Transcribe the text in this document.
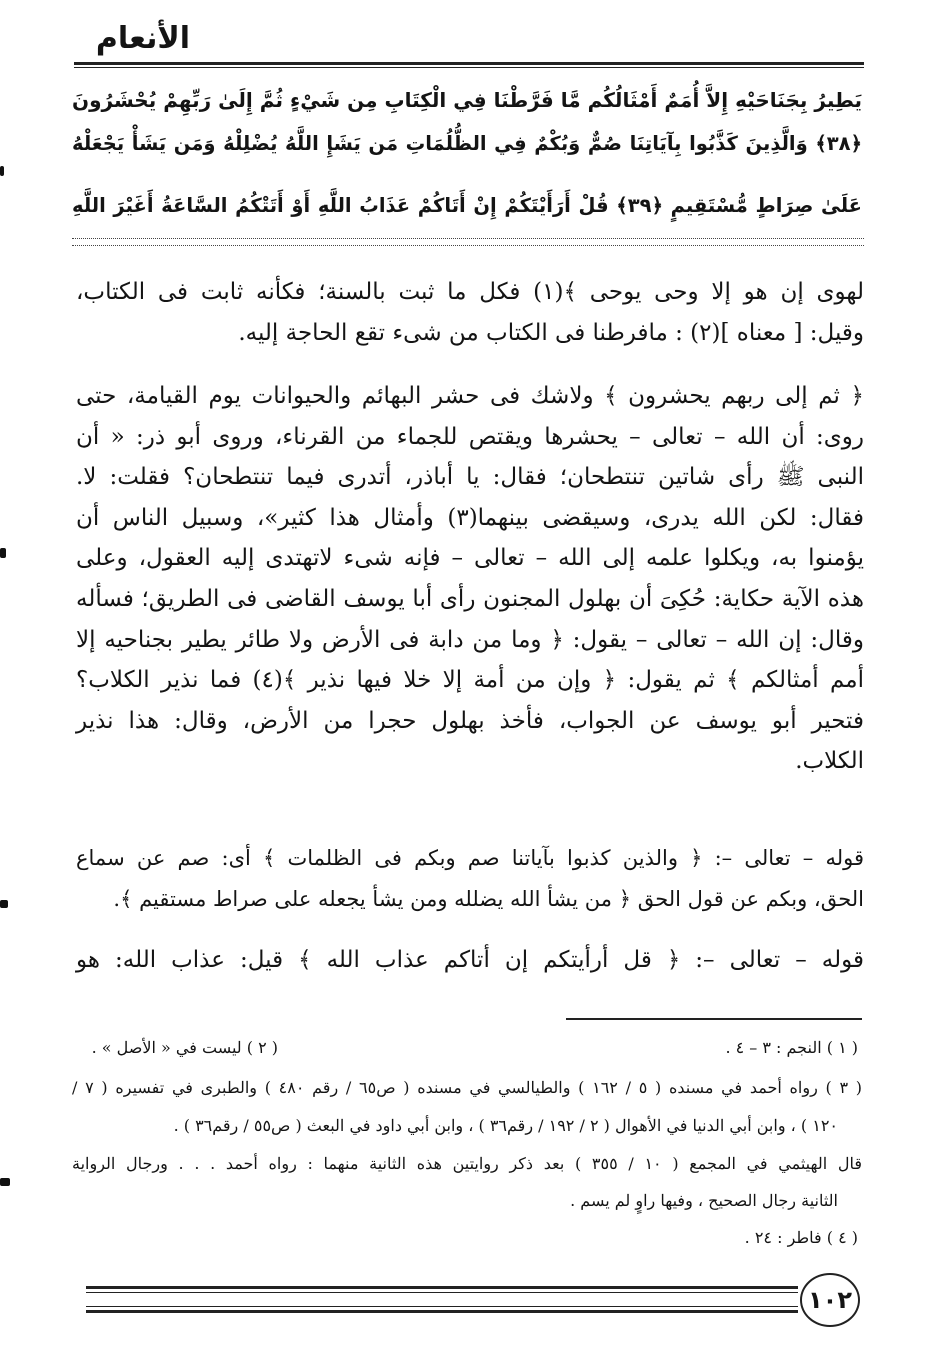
الأنعام
يَطِيرُ بِجَنَاحَيْهِ إِلاَّ أُمَمٌ أَمْثَالُكُم مَّا فَرَّطْنَا فِي الْكِتَابِ مِن شَيْءٍ ثُمَّ إِلَىٰ رَبِّهِمْ يُحْشَرُونَ
﴿٣٨﴾ وَالَّذِينَ كَذَّبُوا بِآيَاتِنَا صُمٌّ وَبُكْمٌ فِي الظُّلُمَاتِ مَن يَشَإِ اللَّهُ يُضْلِلْهُ وَمَن يَشَأْ يَجْعَلْهُ
عَلَىٰ صِرَاطٍ مُّسْتَقِيمٍ ﴿٣٩﴾ قُلْ أَرَأَيْتَكُمْ إِنْ أَتَاكُمْ عَذَابُ اللَّهِ أَوْ أَتَتْكُمُ السَّاعَةُ أَغَيْرَ اللَّهِ
لهوى إن هو إلا وحى يوحى ﴾(١) فكل ما ثبت بالسنة؛ فكأنه ثابت فى الكتاب،
وقيل: [ معناه ](٢) : مافرطنا فى الكتاب من شىء تقع الحاجة إليه.
﴿ ثم إلى ربهم يحشرون ﴾ ولاشك فى حشر البهائم والحيوانات يوم القيامة، حتى
روى: أن الله – تعالى – يحشرها ويقتص للجماء من القرناء، وروى أبو ذر: « أن
النبى ﷺ رأى شاتين تنتطحان؛ فقال: يا أباذر، أتدرى فيما تنتطحان؟ فقلت: لا.
فقال: لكن الله يدرى، وسيقضى بينهما(٣) وأمثال هذا كثير»، وسبيل الناس أن
يؤمنوا به، ويكلوا علمه إلى الله – تعالى – فإنه شىء لاتهتدى إليه العقول، وعلى
هذه الآية حكاية: حُكِىَ أن بهلول المجنون رأى أبا يوسف القاضى فى الطريق؛ فسأله
وقال: إن الله – تعالى – يقول: ﴿ وما من دابة فى الأرض ولا طائر يطير بجناحيه إلا
أمم أمثالكم ﴾ ثم يقول: ﴿ وإن من أمة إلا خلا فيها نذير ﴾(٤) فما نذير الكلاب؟
فتحير أبو يوسف عن الجواب، فأخذ بهلول حجرا من الأرض، وقال: هذا نذير
الكلاب.
قوله – تعالى –: ﴿ والذين كذبوا بآياتنا صم وبكم فى الظلمات ﴾ أى: صم عن سماع
الحق، وبكم عن قول الحق ﴿ من يشأ الله يضلله ومن يشأ يجعله على صراط مستقيم ﴾.
قوله – تعالى –: ﴿ قل أرأيتكم إن أتاكم عذاب الله ﴾ قيل: عذاب الله: هو
( ١ ) النجم : ٣ – ٤ .
( ٢ ) ليست في « الأصل » .
( ٣ ) رواه أحمد في مسنده ( ٥ / ١٦٢ ) والطيالسي في مسنده ( ص٦٥ / رقم ٤٨٠ ) والطبرى في تفسيره ( ٧ /
١٢٠ ) ، وابن أبي الدنيا في الأهوال ( ٢ / ١٩٢ / رقم٣٦ ) ، وابن أبي داود في البعث ( ص٥٥ / رقم٣٦ ) .
قال الهيثمي في المجمع ( ١٠ / ٣٥٥ ) بعد ذكر روايتين هذه الثانية منهما : رواه أحمد . . . ورجال الرواية
الثانية رجال الصحيح ، وفيها راوٍ لم يسم .
( ٤ ) فاطر : ٢٤ .
١٠٢
